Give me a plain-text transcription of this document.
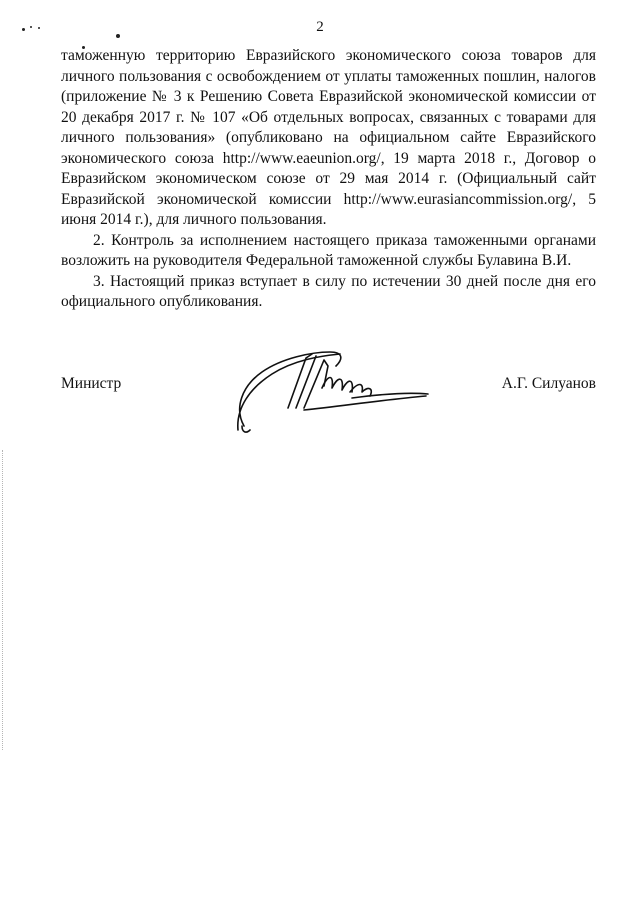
2

таможенную территорию Евразийского экономического союза товаров для личного пользования с освобождением от уплаты таможенных пошлин, налогов (приложение № 3 к Решению Совета Евразийской экономической комиссии от 20 декабря 2017 г. № 107 «Об отдельных вопросах, связанных с товарами для личного пользования» (опубликовано на официальном сайте Евразийского экономического союза http://www.eaeunion.org/, 19 марта 2018 г., Договор о Евразийском экономическом союзе от 29 мая 2014 г. (Официальный сайт Евразийской экономической комиссии http://www.eurasiancommission.org/, 5 июня 2014 г.), для личного пользования.

2. Контроль за исполнением настоящего приказа таможенными органами возложить на руководителя Федеральной таможенной службы Булавина В.И.

3. Настоящий приказ вступает в силу по истечении 30 дней после дня его официального опубликования.

Министр	А.Г. Силуанов
